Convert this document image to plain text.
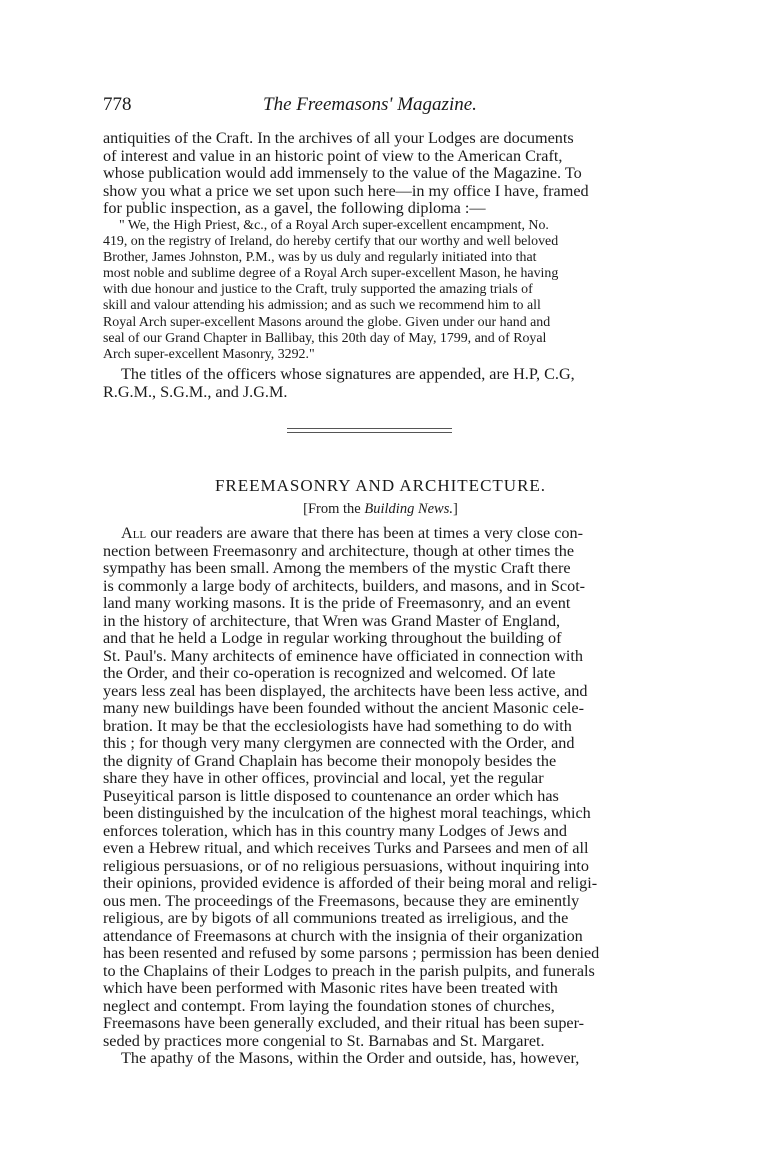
778	The Freemasons' Magazine.
antiquities of the Craft. In the archives of all your Lodges are documents
of interest and value in an historic point of view to the American Craft,
whose publication would add immensely to the value of the Magazine. To
show you what a price we set upon such here—in my office I have, framed
for public inspection, as a gavel, the following diploma :—
" We, the High Priest, &c., of a Royal Arch super-excellent encampment, No.
419, on the registry of Ireland, do hereby certify that our worthy and well beloved
Brother, James Johnston, P.M., was by us duly and regularly initiated into that
most noble and sublime degree of a Royal Arch super-excellent Mason, he having
with due honour and justice to the Craft, truly supported the amazing trials of
skill and valour attending his admission; and as such we recommend him to all
Royal Arch super-excellent Masons around the globe. Given under our hand and
seal of our Grand Chapter in Ballibay, this 20th day of May, 1799, and of Royal
Arch super-excellent Masonry, 3292."
The titles of the officers whose signatures are appended, are H.P, C.G,
R.G.M., S.G.M., and J.G.M.
FREEMASONRY AND ARCHITECTURE.
[From the Building News.]
All our readers are aware that there has been at times a very close con-
nection between Freemasonry and architecture, though at other times the
sympathy has been small. Among the members of the mystic Craft there
is commonly a large body of architects, builders, and masons, and in Scot-
land many working masons. It is the pride of Freemasonry, and an event
in the history of architecture, that Wren was Grand Master of England,
and that he held a Lodge in regular working throughout the building of
St. Paul's. Many architects of eminence have officiated in connection with
the Order, and their co-operation is recognized and welcomed. Of late
years less zeal has been displayed, the architects have been less active, and
many new buildings have been founded without the ancient Masonic cele-
bration. It may be that the ecclesiologists have had something to do with
this ; for though very many clergymen are connected with the Order, and
the dignity of Grand Chaplain has become their monopoly besides the
share they have in other offices, provincial and local, yet the regular
Puseyitical parson is little disposed to countenance an order which has
been distinguished by the inculcation of the highest moral teachings, which
enforces toleration, which has in this country many Lodges of Jews and
even a Hebrew ritual, and which receives Turks and Parsees and men of all
religious persuasions, or of no religious persuasions, without inquiring into
their opinions, provided evidence is afforded of their being moral and religi-
ous men. The proceedings of the Freemasons, because they are eminently
religious, are by bigots of all communions treated as irreligious, and the
attendance of Freemasons at church with the insignia of their organization
has been resented and refused by some parsons ; permission has been denied
to the Chaplains of their Lodges to preach in the parish pulpits, and funerals
which have been performed with Masonic rites have been treated with
neglect and contempt. From laying the foundation stones of churches,
Freemasons have been generally excluded, and their ritual has been super-
seded by practices more congenial to St. Barnabas and St. Margaret.
The apathy of the Masons, within the Order and outside, has, however,
